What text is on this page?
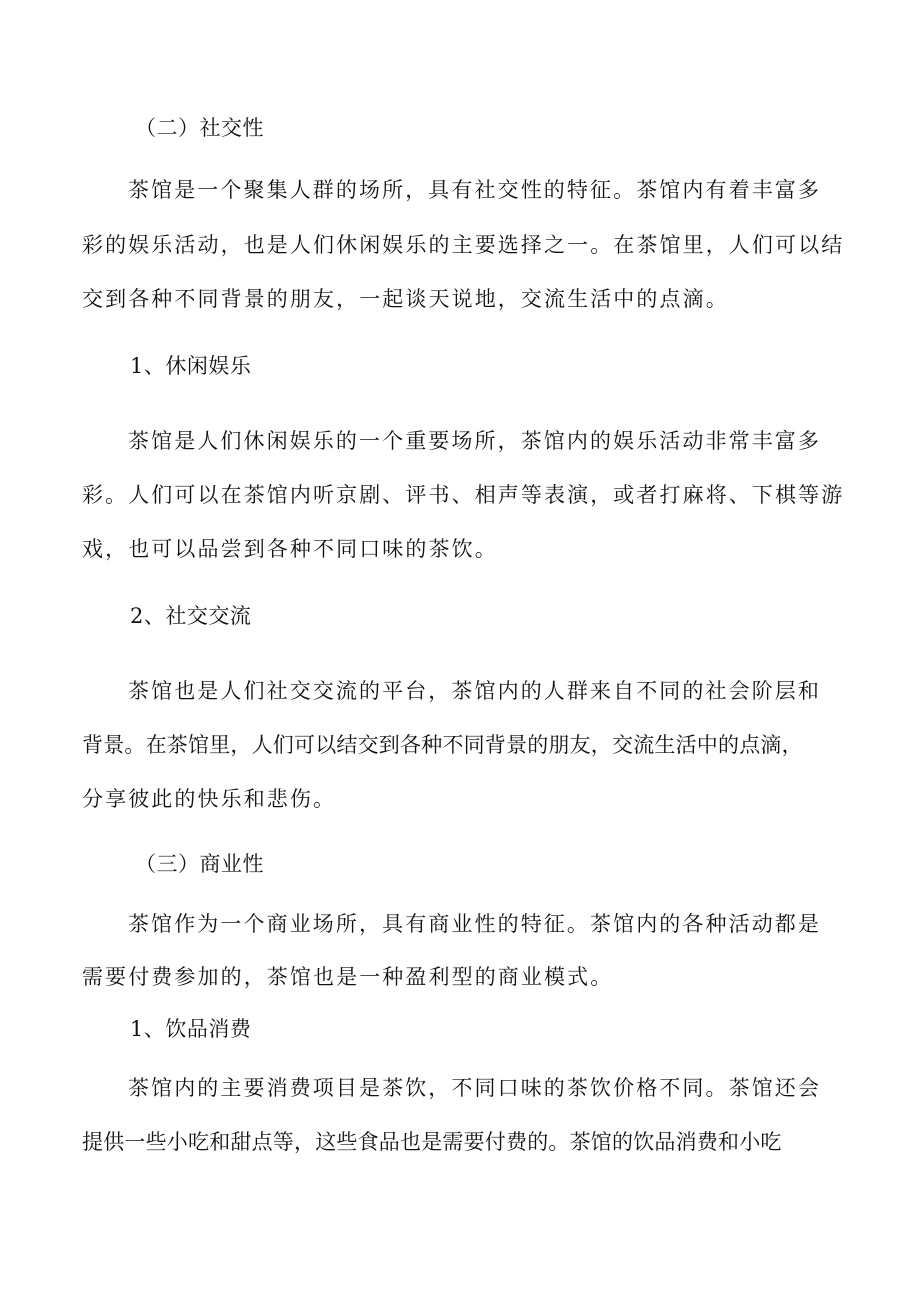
（二）社交性
茶馆是一个聚集人群的场所，具有社交性的特征。茶馆内有着丰富多
彩的娱乐活动，也是人们休闲娱乐的主要选择之一。在茶馆里，人们可以结
交到各种不同背景的朋友，一起谈天说地，交流生活中的点滴。
1、休闲娱乐
茶馆是人们休闲娱乐的一个重要场所，茶馆内的娱乐活动非常丰富多
彩。人们可以在茶馆内听京剧、评书、相声等表演，或者打麻将、下棋等游
戏，也可以品尝到各种不同口味的茶饮。
2、社交交流
茶馆也是人们社交交流的平台，茶馆内的人群来自不同的社会阶层和
背景。在茶馆里，人们可以结交到各种不同背景的朋友，交流生活中的点滴，
分享彼此的快乐和悲伤。
（三）商业性
茶馆作为一个商业场所，具有商业性的特征。茶馆内的各种活动都是
需要付费参加的，茶馆也是一种盈利型的商业模式。
1、饮品消费
茶馆内的主要消费项目是茶饮，不同口味的茶饮价格不同。茶馆还会
提供一些小吃和甜点等，这些食品也是需要付费的。茶馆的饮品消费和小吃
